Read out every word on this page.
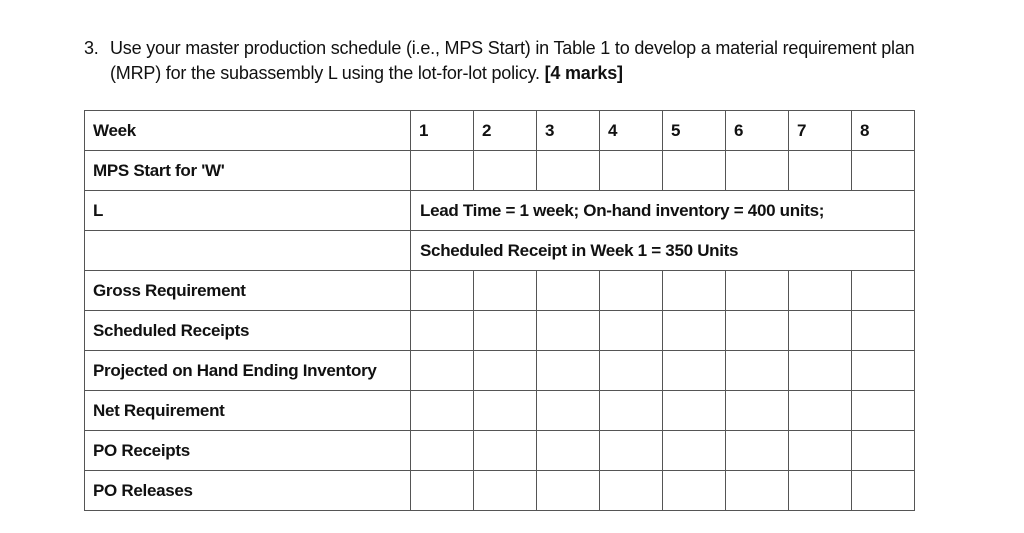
3. Use your master production schedule (i.e., MPS Start) in Table 1 to develop a material requirement plan
(MRP) for the subassembly L using the lot-for-lot policy. [4 marks]
Week	1	2	3	4	5	6	7	8
MPS Start for 'W'								
L	Lead Time = 1 week; On-hand inventory = 400 units;							
	Scheduled Receipt in Week 1 = 350 Units							
Gross Requirement								
Scheduled Receipts								
Projected on Hand Ending Inventory								
Net Requirement								
PO Receipts								
PO Releases								
